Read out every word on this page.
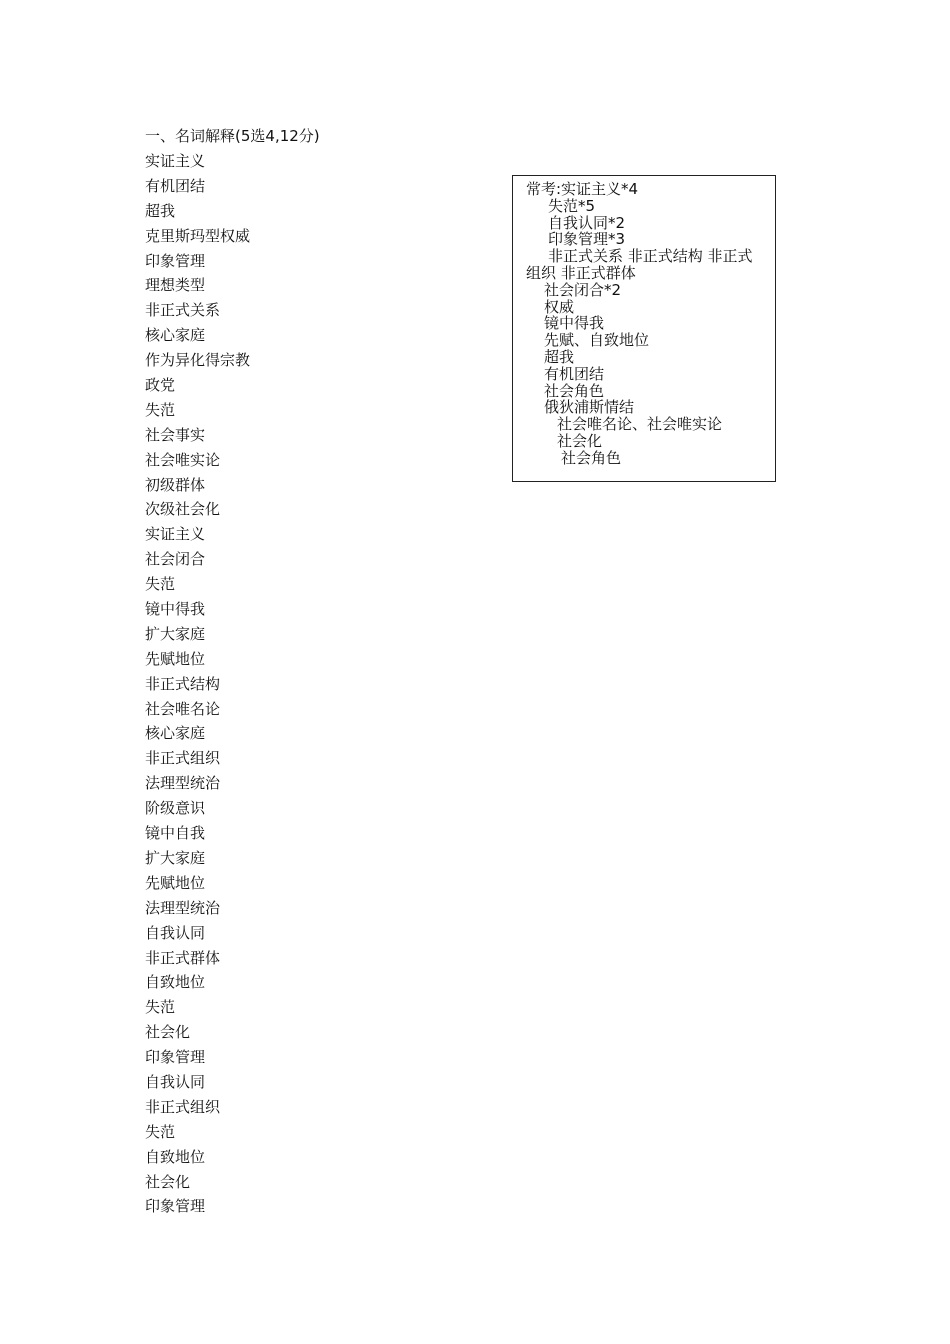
一、名词解释(5选4,12分)
实证主义
有机团结
超我
克里斯玛型权威
印象管理
理想类型
非正式关系
核心家庭
作为异化得宗教
政党
失范
社会事实
社会唯实论
初级群体
次级社会化
实证主义
社会闭合
失范
镜中得我
扩大家庭
先赋地位
非正式结构
社会唯名论
核心家庭
非正式组织
法理型统治
阶级意识
镜中自我
扩大家庭
先赋地位
法理型统治
自我认同
非正式群体
自致地位
失范
社会化
印象管理
自我认同
非正式组织
失范
自致地位
社会化
印象管理
常考:实证主义*4
失范*5
自我认同*2
印象管理*3
非正式关系 非正式结构 非正式组织 非正式群体
社会闭合*2
权威
镜中得我
先赋、自致地位
超我
有机团结
社会角色
俄狄浦斯情结
社会唯名论、社会唯实论
社会化
社会角色
